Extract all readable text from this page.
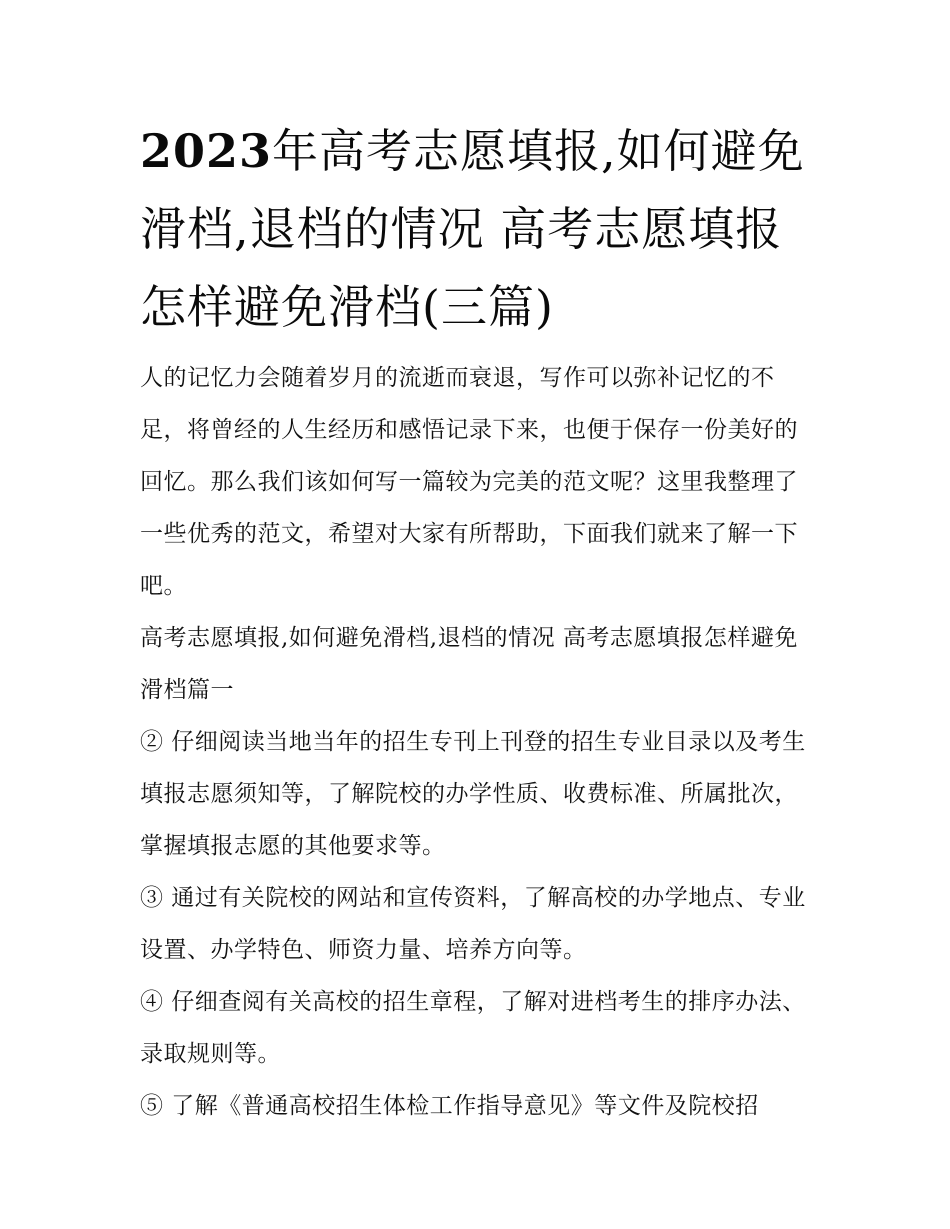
2023年高考志愿填报,如何避免滑档,退档的情况 高考志愿填报怎样避免滑档(三篇)

人的记忆力会随着岁月的流逝而衰退，写作可以弥补记忆的不足，将曾经的人生经历和感悟记录下来，也便于保存一份美好的回忆。那么我们该如何写一篇较为完美的范文呢？这里我整理了一些优秀的范文，希望对大家有所帮助，下面我们就来了解一下吧。

高考志愿填报,如何避免滑档,退档的情况 高考志愿填报怎样避免滑档篇一

② 仔细阅读当地当年的招生专刊上刊登的招生专业目录以及考生填报志愿须知等，了解院校的办学性质、收费标准、所属批次，掌握填报志愿的其他要求等。

③ 通过有关院校的网站和宣传资料，了解高校的办学地点、专业设置、办学特色、师资力量、培养方向等。

④ 仔细查阅有关高校的招生章程，了解对进档考生的排序办法、录取规则等。

⑤ 了解《普通高校招生体检工作指导意见》等文件及院校招
